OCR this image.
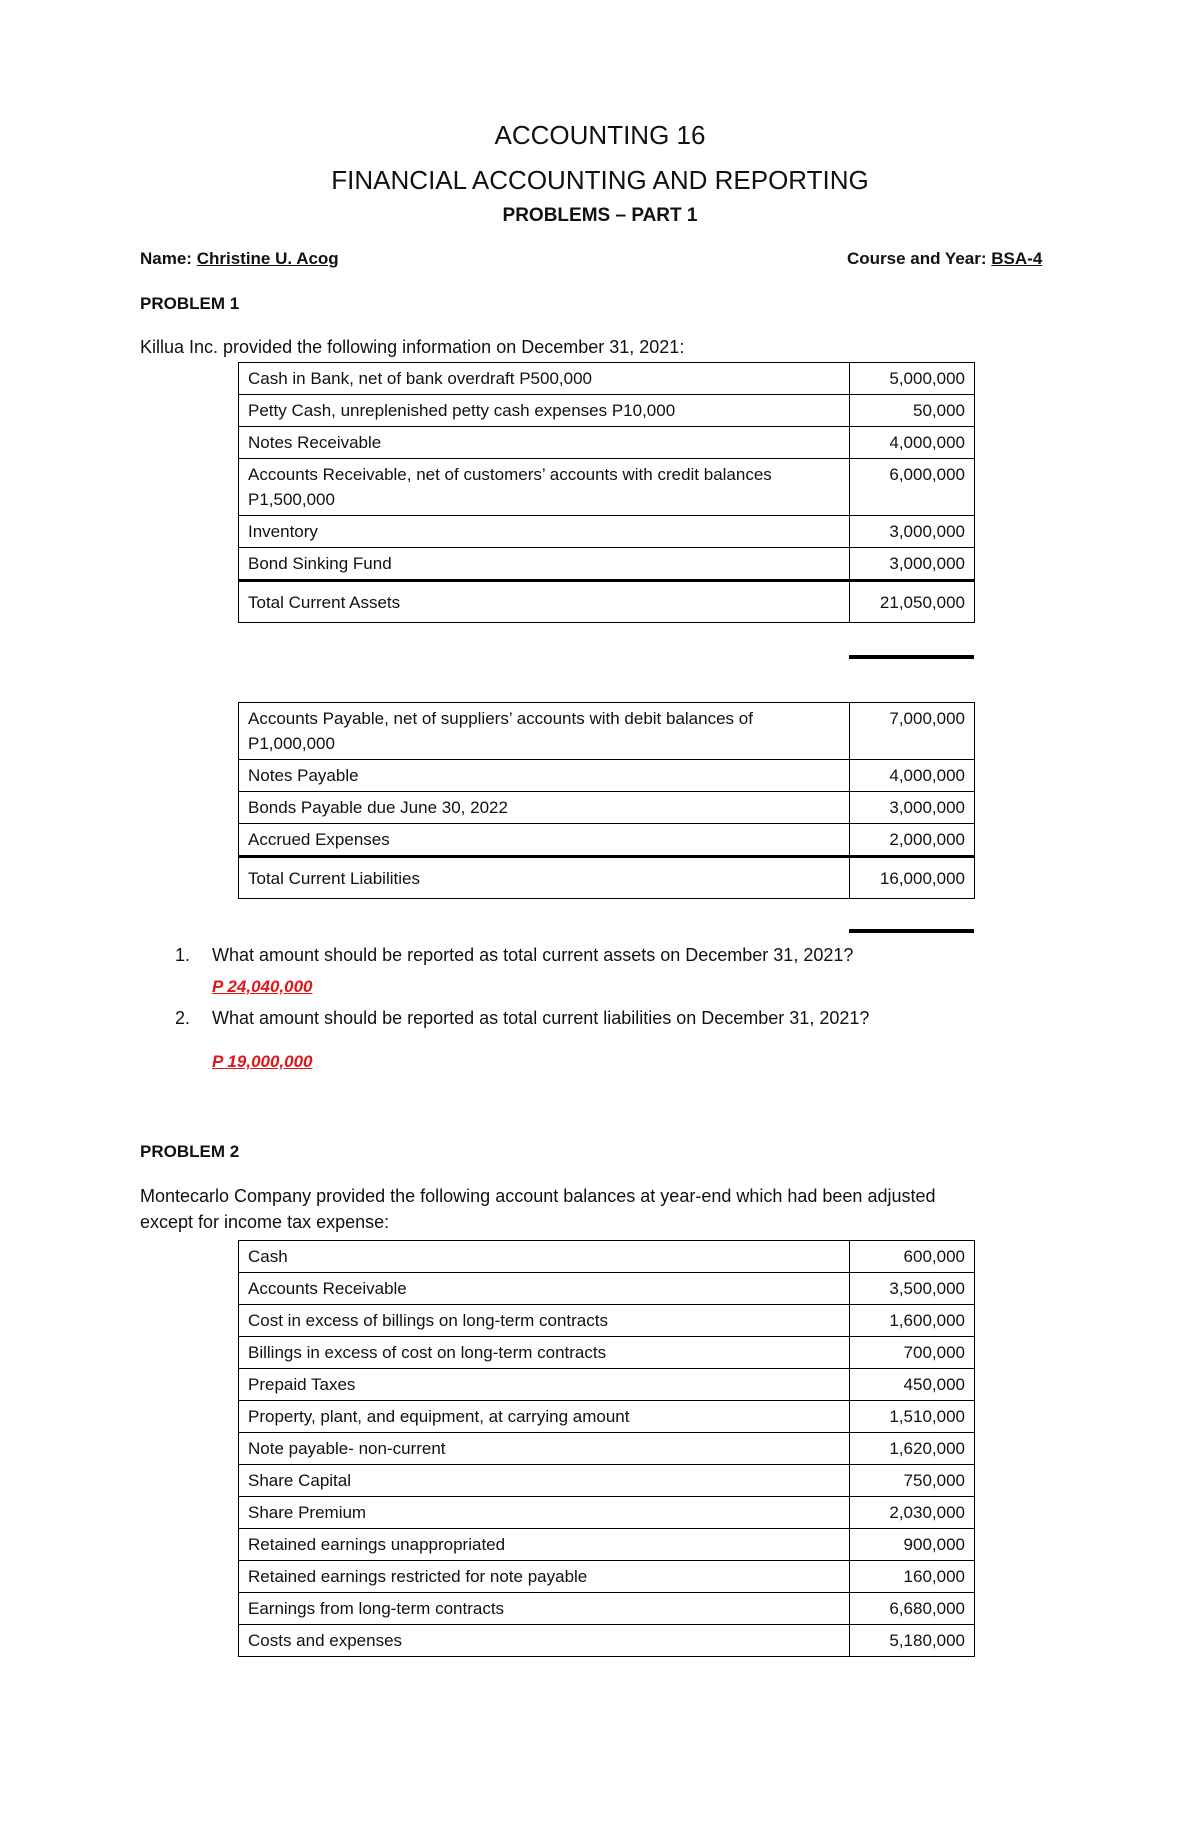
ACCOUNTING 16
FINANCIAL ACCOUNTING AND REPORTING
PROBLEMS – PART 1
Name: Christine U. Acog	Course and Year: BSA-4
PROBLEM 1
Killua Inc. provided the following information on December 31, 2021:
Cash in Bank, net of bank overdraft P500,000	5,000,000
Petty Cash, unreplenished petty cash expenses P10,000	50,000
Notes Receivable	4,000,000
Accounts Receivable, net of customers’ accounts with credit balances P1,500,000	6,000,000
Inventory	3,000,000
Bond Sinking Fund	3,000,000
Total Current Assets	21,050,000
Accounts Payable, net of suppliers’ accounts with debit balances of P1,000,000	7,000,000
Notes Payable	4,000,000
Bonds Payable due June 30, 2022	3,000,000
Accrued Expenses	2,000,000
Total Current Liabilities	16,000,000
1. What amount should be reported as total current assets on December 31, 2021?
P 24,040,000
2. What amount should be reported as total current liabilities on December 31, 2021?
P 19,000,000
PROBLEM 2
Montecarlo Company provided the following account balances at year-end which had been adjusted
except for income tax expense:
Cash	600,000
Accounts Receivable	3,500,000
Cost in excess of billings on long-term contracts	1,600,000
Billings in excess of cost on long-term contracts	700,000
Prepaid Taxes	450,000
Property, plant, and equipment, at carrying amount	1,510,000
Note payable- non-current	1,620,000
Share Capital	750,000
Share Premium	2,030,000
Retained earnings unappropriated	900,000
Retained earnings restricted for note payable	160,000
Earnings from long-term contracts	6,680,000
Costs and expenses	5,180,000
